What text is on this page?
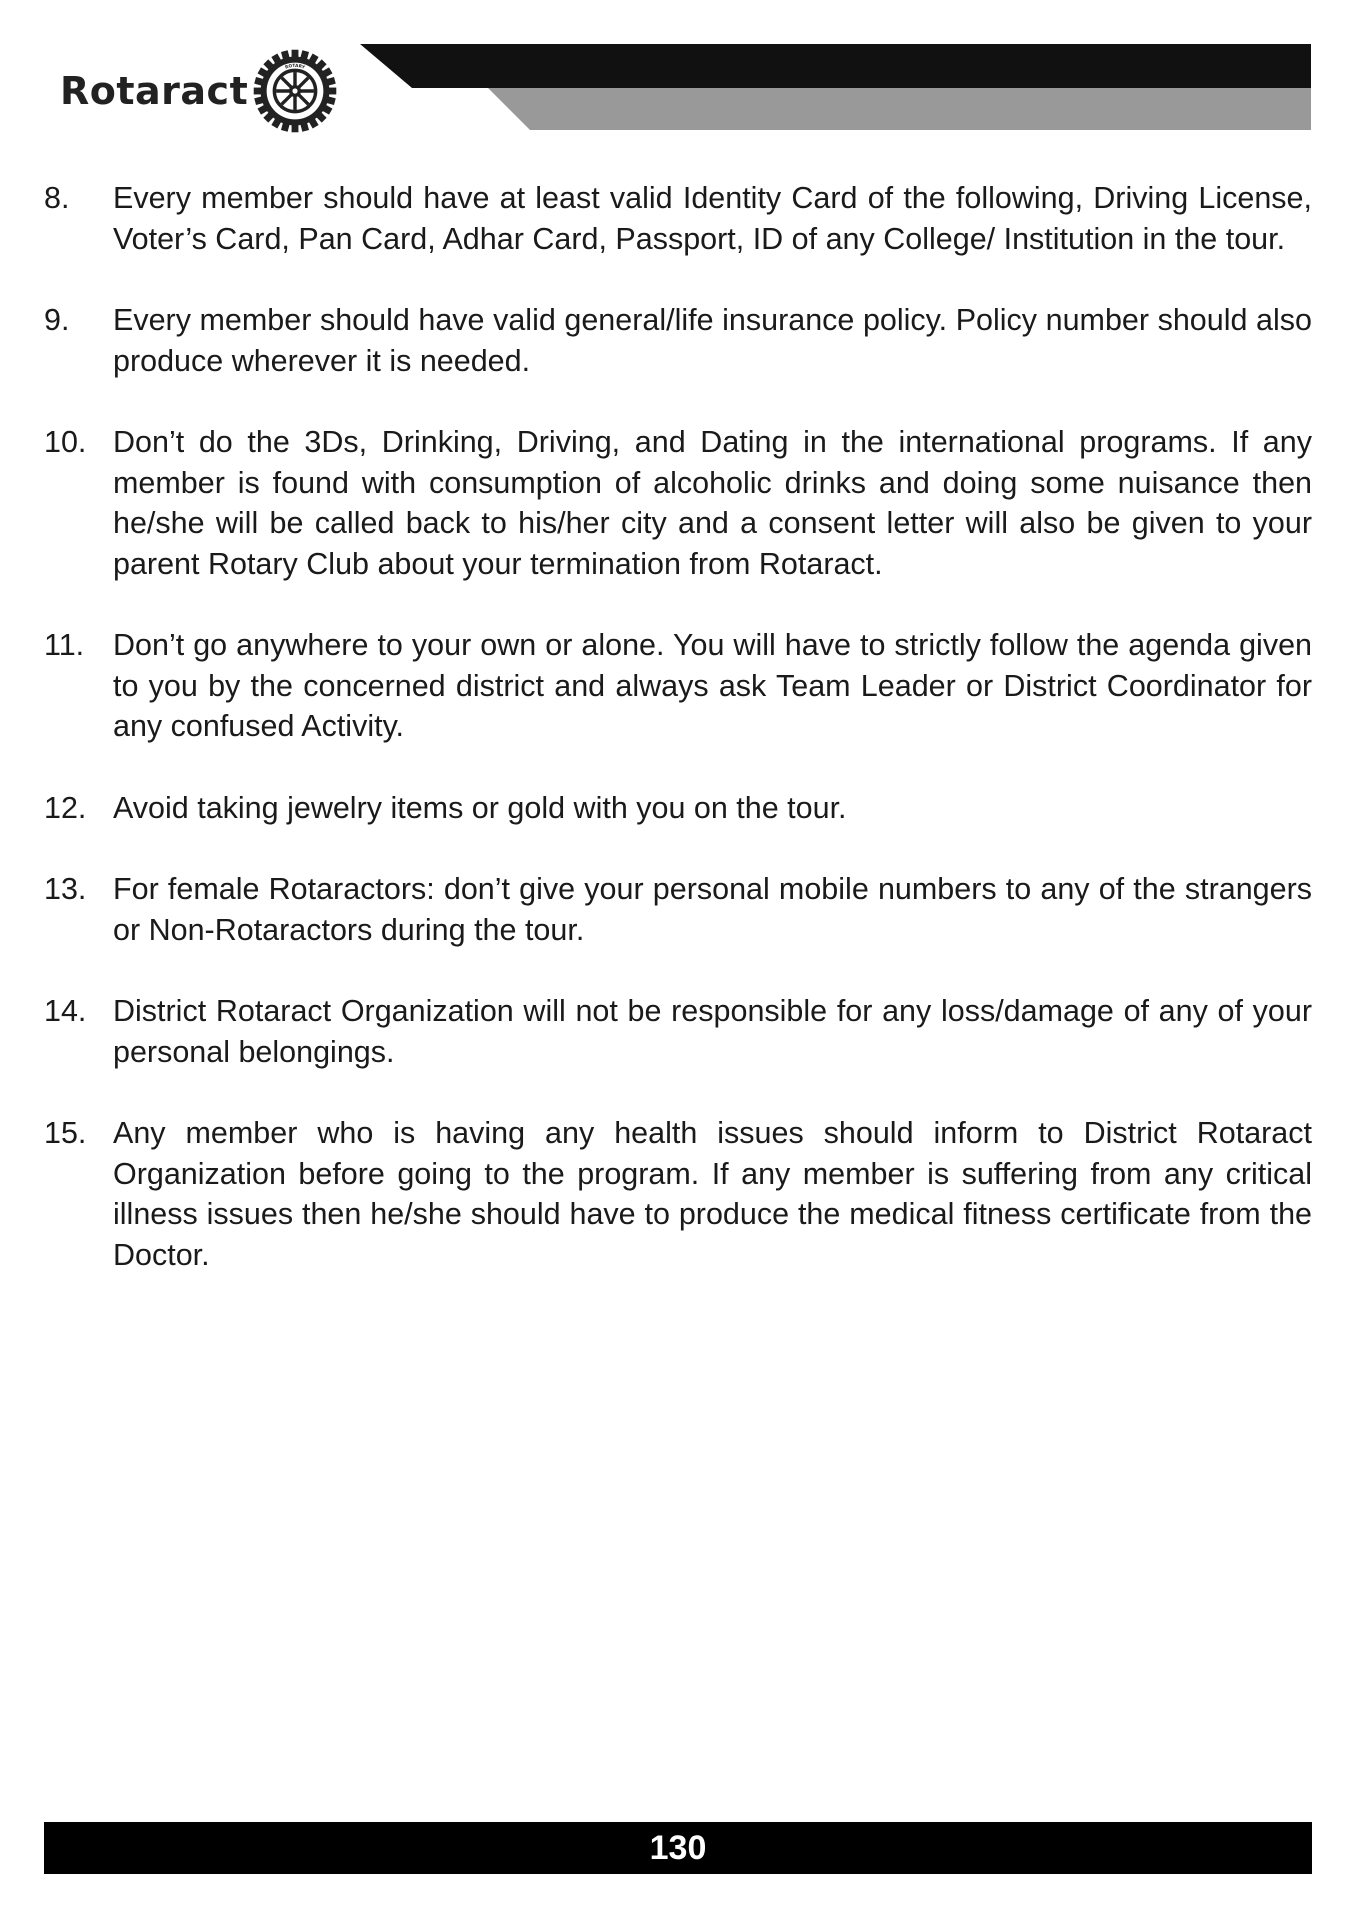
Rotaract
ROTARY
INTERNATIONAL
8.	Every member should have at least valid Identity Card of the following, Driving License, Voter’s Card, Pan Card, Adhar Card, Passport, ID of any College/ Institution in the tour.
9.	Every member should have valid general/life insurance policy. Policy number should also produce wherever it is needed.
10. Don’t do the 3Ds, Drinking, Driving, and Dating in the international programs. If any member is found with consumption of alcoholic drinks and doing some nuisance then he/she will be called back to his/her city and a consent letter will also be given to your parent Rotary Club about your termination from Rotaract.
11. Don’t go anywhere to your own or alone. You will have to strictly follow the agenda given to you by the concerned district and always ask Team Leader or District Coordinator for any confused Activity.
12. Avoid taking jewelry items or gold with you on the tour.
13. For female Rotaractors: don’t give your personal mobile numbers to any of the strangers or Non-Rotaractors during the tour.
14. District Rotaract Organization will not be responsible for any loss/damage of any of your personal belongings.
15. Any member who is having any health issues should inform to District Rotaract Organization before going to the program. If any member is suffering from any critical illness issues then he/she should have to produce the medical fitness certificate from the Doctor.
130
